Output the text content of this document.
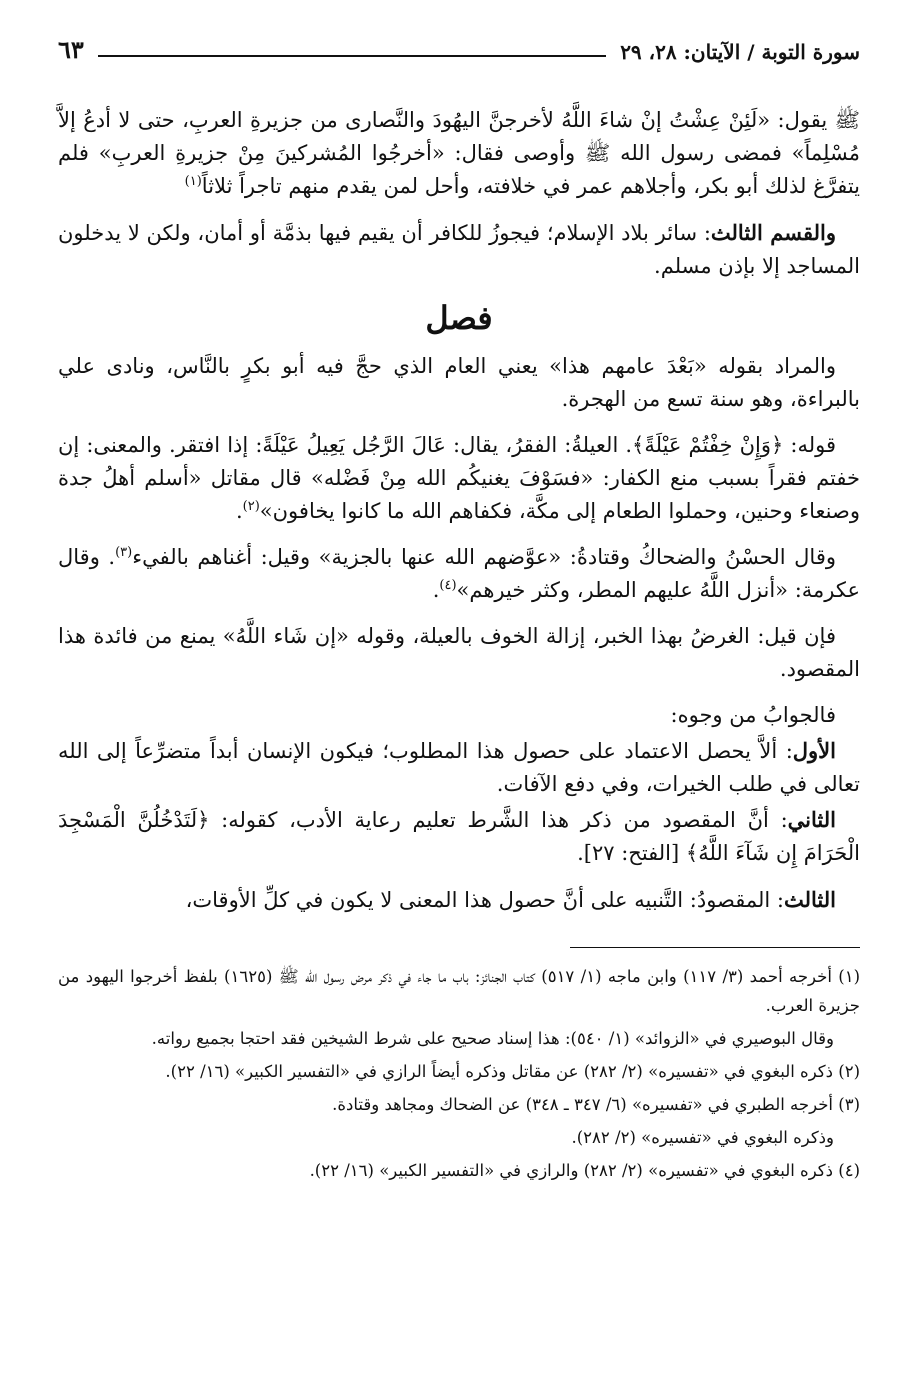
سورة التوبة / الآيتان: ٢٨، ٢٩
٦٣

ﷺ يقول: «لَئِنْ عِشْتُ إنْ شاءَ اللَّهُ لأخرجنَّ اليهُودَ والنَّصارى من جزيرةِ العربِ، حتى لا أدعُ إلاَّ مُسْلِماً» فمضى رسول الله ﷺ وأوصى فقال: «أخرجُوا المُشركينَ مِنْ جزيرةِ العربِ» فلم يتفرَّغ لذلك أبو بكر، وأجلاهم عمر في خلافته، وأحل لمن يقدم منهم تاجراً ثلاثاً$^{(١)}$

والقسم الثالث: سائر بلاد الإسلام؛ فيجوزُ للكافر أن يقيم فيها بذمَّة أو أمان، ولكن لا يدخلون المساجد إلا بإذن مسلم.

فصل

والمراد بقوله «بَعْدَ عامهم هذا» يعني العام الذي حجَّ فيه أبو بكرٍ بالنَّاس، ونادى علي بالبراءة، وهو سنة تسع من الهجرة.

قوله: ﴿وَإِنْ خِفْتُمْ عَيْلَةً﴾. العيلةُ: الفقرُ، يقال: عَالَ الرَّجُل يَعِيلُ عَيْلَةً: إذا افتقر. والمعنى: إن خفتم فقراً بسبب منع الكفار: «فسَوْفَ يغنيكُم الله مِنْ فَضْله» قال مقاتل «أسلم أهلُ جدة وصنعاء وحنين، وحملوا الطعام إلى مكَّة، فكفاهم الله ما كانوا يخافون»$^{(٢)}$.

وقال الحسْنُ والضحاكُ وقتادةُ: «عوَّضهم الله عنها بالجزية» وقيل: أغناهم بالفيء$^{(٣)}$. وقال عكرمة: «أنزل اللَّهُ عليهم المطر، وكثر خيرهم»$^{(٤)}$.

فإن قيل: الغرضُ بهذا الخبر، إزالة الخوف بالعيلة، وقوله «إن شَاء اللَّهُ» يمنع من فائدة هذا المقصود.

فالجوابُ من وجوه:

الأول: ألاَّ يحصل الاعتماد على حصول هذا المطلوب؛ فيكون الإنسان أبداً متضرِّعاً إلى الله تعالى في طلب الخيرات، وفي دفع الآفات.

الثاني: أنَّ المقصود من ذكر هذا الشَّرط تعليم رعاية الأدب، كقوله: ﴿لَتَدْخُلُنَّ الْمَسْجِدَ الْحَرَامَ إِن شَآءَ اللَّهُ﴾ [الفتح: ٢٧].

الثالث: المقصودُ: التَّنبيه على أنَّ حصول هذا المعنى لا يكون في كلِّ الأوقات،

(١) أخرجه أحمد (٣/ ١١٧) وابن ماجه (١/ ٥١٧) كتاب الجنائز: باب ما جاء في ذكر مرض رسول الله ﷺ (١٦٢٥) بلفظ أخرجوا اليهود من جزيرة العرب.

وقال البوصيري في «الزوائد» (١/ ٥٤٠): هذا إسناد صحيح على شرط الشيخين فقد احتجا بجميع رواته.

(٢) ذكره البغوي في «تفسيره» (٢/ ٢٨٢) عن مقاتل وذكره أيضاً الرازي في «التفسير الكبير» (١٦/ ٢٢).

(٣) أخرجه الطبري في «تفسيره» (٦/ ٣٤٧ ـ ٣٤٨) عن الضحاك ومجاهد وقتادة.

وذكره البغوي في «تفسيره» (٢/ ٢٨٢).

(٤) ذكره البغوي في «تفسيره» (٢/ ٢٨٢) والرازي في «التفسير الكبير» (١٦/ ٢٢).
